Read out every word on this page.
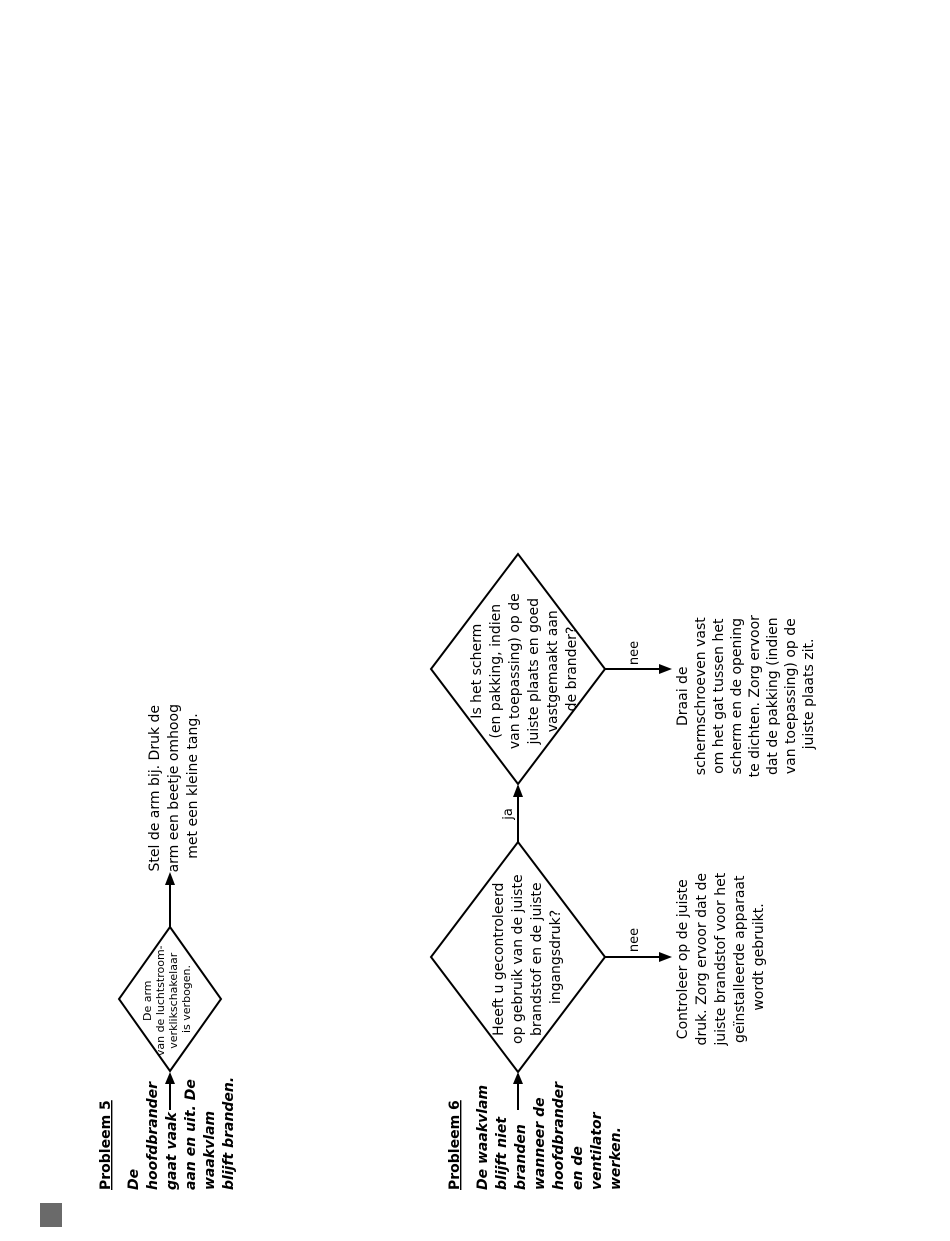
Probleem 5 De hoofdbrander gaat vaak aan en uit. De waakvlam blijft branden.
De arm van de luchtstroom- verklikschakelaar is verbogen.
Stel de arm bij. Druk de arm een beetje omhoog met een kleine tang.
Probleem 6 De waakvlam blijft niet branden wanneer de hoofdbrander en de ventilator werken.
Heeft u gecontroleerd op gebruik van de juiste brandstof en de juiste ingangsdruk?	nee Controleer op de juiste druk. Zorg ervoor dat de juiste brandstof voor het geïnstalleerde apparaat wordt gebruikt.
ja
Is het scherm (en pakking, indien van toepassing) op de juiste plaats en goed vastgemaakt aan de brander?	nee
Draai de schermschroeven vast om het gat tussen het scherm en de opening te dichten. Zorg ervoor dat de pakking (indien van toepassing) op de juiste plaats zit.
